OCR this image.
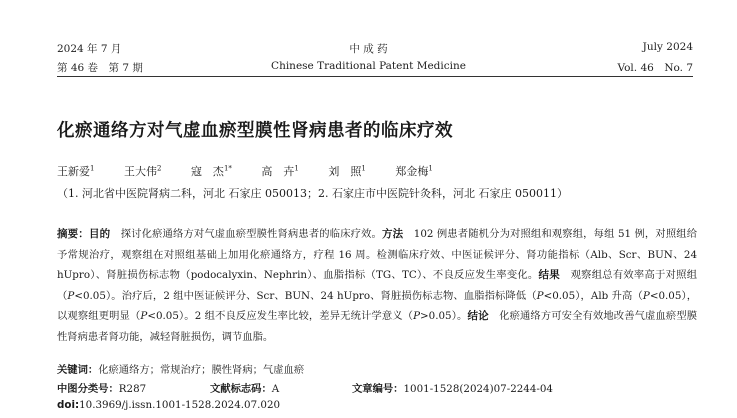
2024 年 7 月
第 46 卷　第 7 期
中 成 药
Chinese Traditional Patent Medicine
July 2024
Vol. 46　No. 7
化瘀通络方对气虚血瘀型膜性肾病患者的临床疗效
王新爱$^1$	王大伟$^2$	寇　杰$^{1*}$	高　卉$^1$	刘　照$^1$	郑金梅$^1$
（1. 河北省中医院肾病二科，河北 石家庄 050013；2. 石家庄市中医院针灸科，河北 石家庄 050011）
摘要：目的　 探讨化瘀通络方对气虚血瘀型膜性肾病患者的临床疗效。方法　 102 例患者随机分为对照组和观察组，每组 51 例，对照组给予常规治疗，观察组在对照组基础上加用化瘀通络方，疗程 16 周。检测临床疗效、中医证候评分、肾功能指标（Alb、Scr、BUN、24 hUpro）、肾脏损伤标志物（podocalyxin、Nephrin）、血脂指标（TG、TC）、不良反应发生率变化。结果　 观察组总有效率高于对照组（P<0.05）。治疗后，2 组中医证候评分、Scr、BUN、24 hUpro、肾脏损伤标志物、血脂指标降低（P<0.05），Alb 升高（P<0.05），以观察组更明显（P<0.05）。2 组不良反应发生率比较，差异无统计学意义（P>0.05）。结论　 化瘀通络方可安全有效地改善气虚血瘀型膜性肾病患者肾功能，减轻肾脏损伤，调节血脂。
关键词：化瘀通络方；常规治疗；膜性肾病；气虚血瘀
中图分类号：R287	文献标志码：A	文章编号：1001-1528(2024)07-2244-04
doi:10.3969/j.issn.1001-1528.2024.07.020
